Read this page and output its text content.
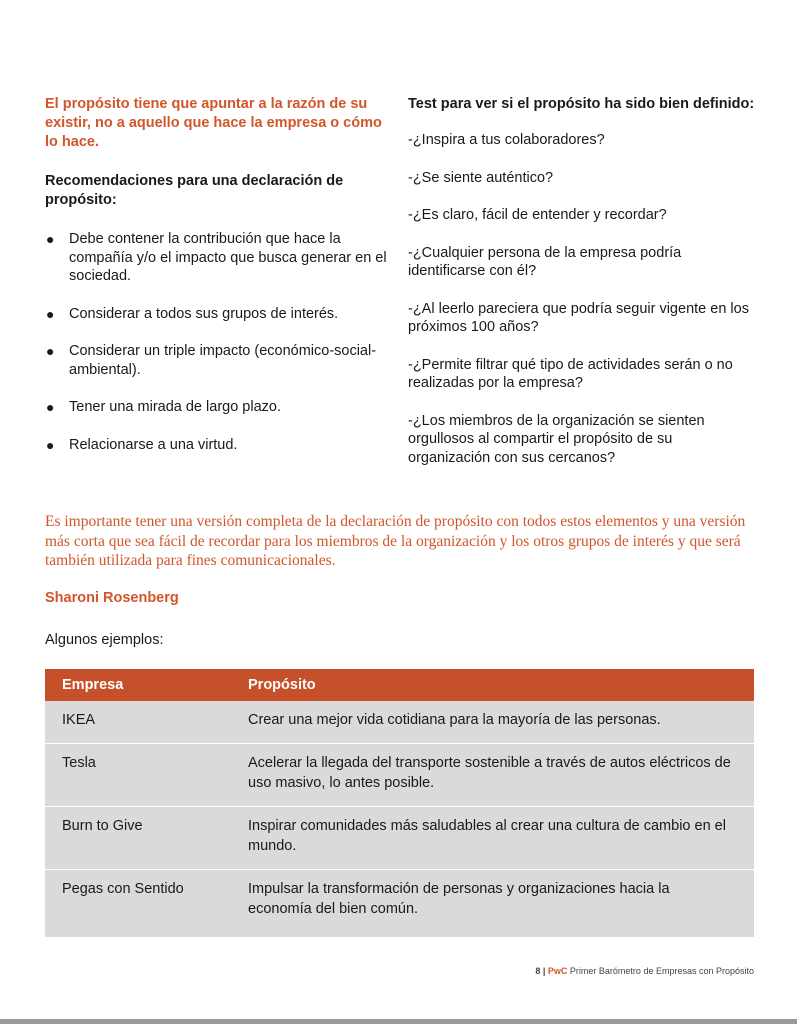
El propósito tiene que apuntar a la razón de su existir, no a aquello que hace la empresa o cómo lo hace.

Recomendaciones para una declaración de propósito:

● Debe contener la contribución que hace la compañía y/o el impacto que busca generar en el sociedad.
● Considerar a todos sus grupos de interés.
● Considerar un triple impacto (económico-social-ambiental).
● Tener una mirada de largo plazo.
● Relacionarse a una virtud.

Test para ver si el propósito ha sido bien definido:

-¿Inspira a tus colaboradores?

-¿Se siente auténtico?

-¿Es claro, fácil de entender y recordar?

-¿Cualquier persona de la empresa podría identificarse con él?

-¿Al leerlo pareciera que podría seguir vigente en los próximos 100 años?

-¿Permite filtrar qué tipo de actividades serán o no realizadas por la empresa?

-¿Los miembros de la organización se sienten orgullosos al compartir el propósito de su organización con sus cercanos?

Es importante tener una versión completa de la declaración de propósito con todos estos elementos y una versión más corta que sea fácil de recordar para los miembros de la organización y los otros grupos de interés y que será también utilizada para fines comunicacionales.

Sharoni Rosenberg

Algunos ejemplos:

Empresa	Propósito
IKEA	Crear una mejor vida cotidiana para la mayoría de las personas.
Tesla	Acelerar la llegada del transporte sostenible a través de autos eléctricos de uso masivo, lo antes posible.
Burn to Give	Inspirar comunidades más saludables al crear una cultura de cambio en el mundo.
Pegas con Sentido	Impulsar la transformación de personas y organizaciones hacia la economía del bien común.
8 | PwC Primer Barómetro de Empresas con Propósito
